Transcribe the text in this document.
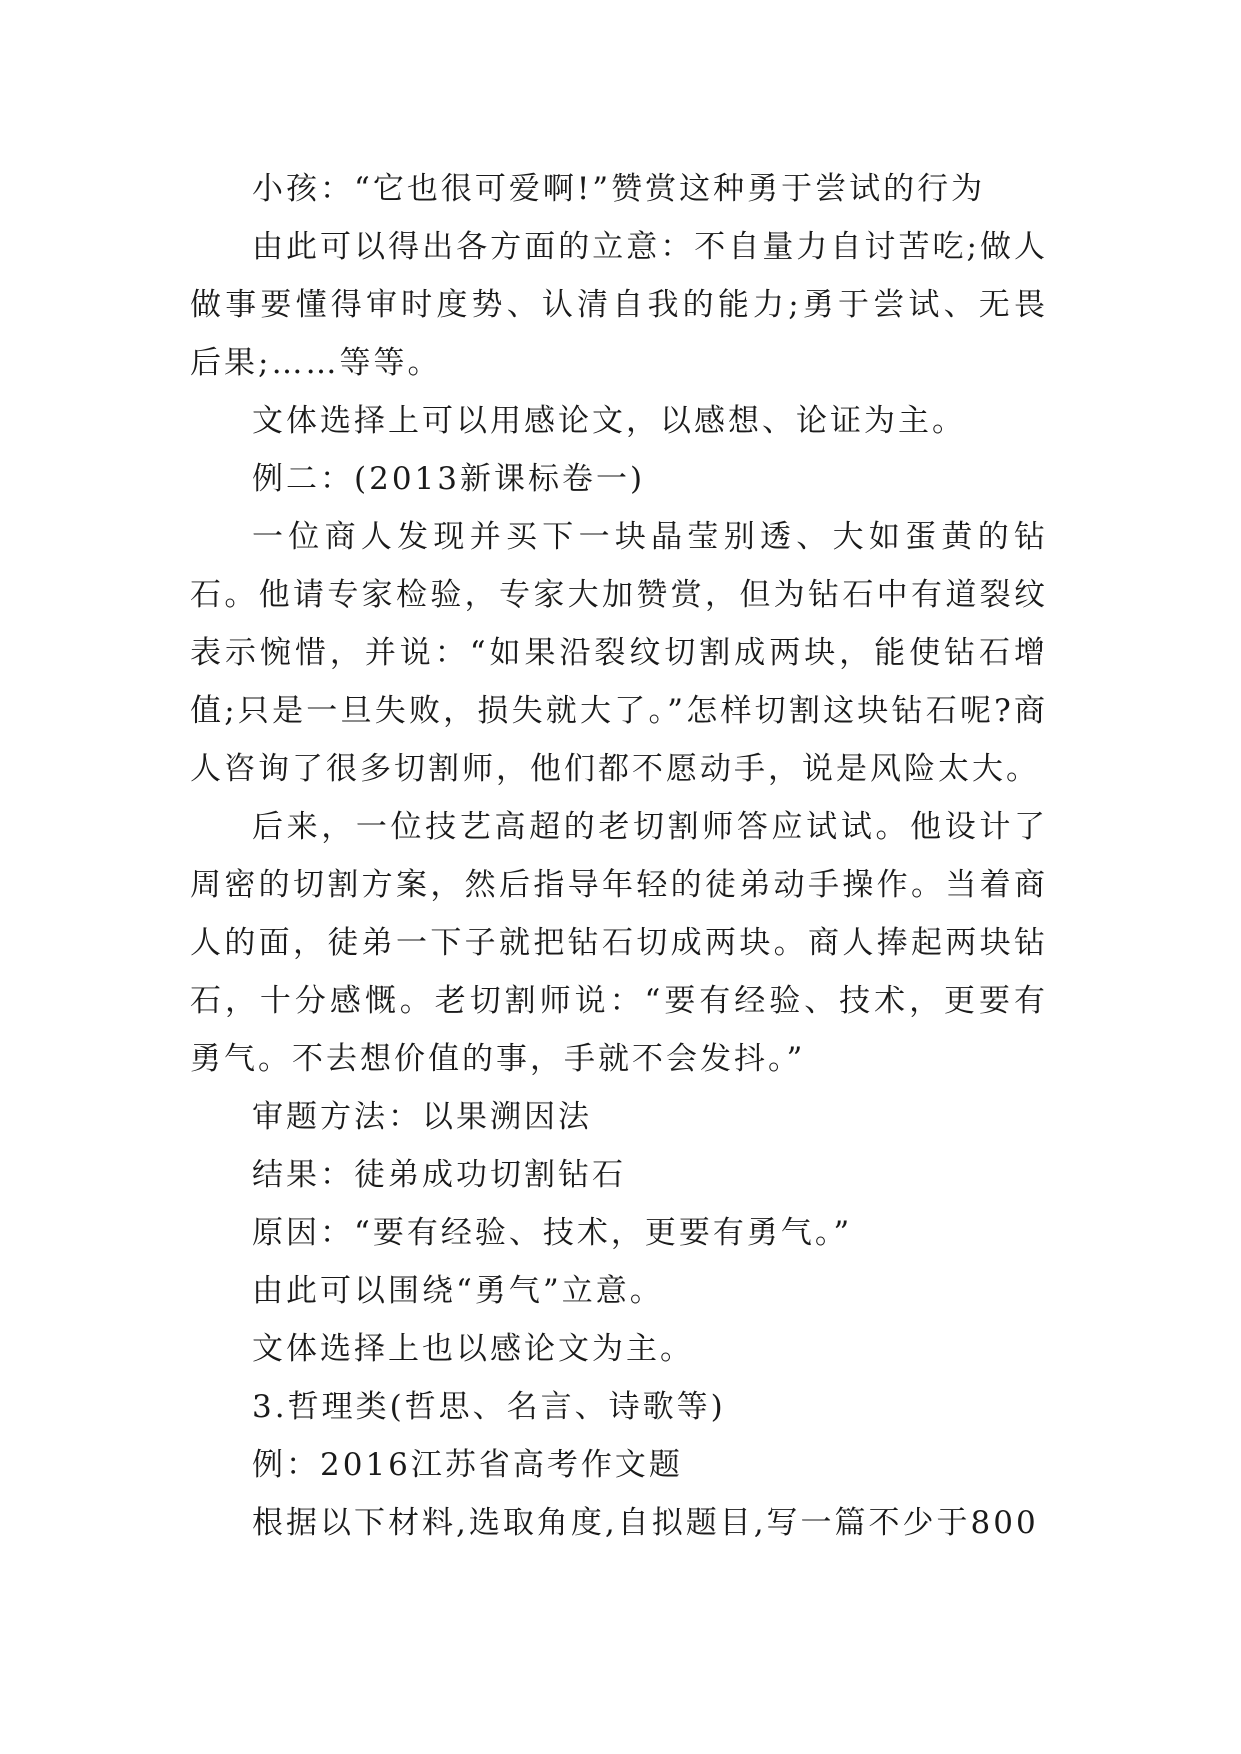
小孩：“它也很可爱啊!”赞赏这种勇于尝试的行为

由此可以得出各方面的立意：不自量力自讨苦吃;做人做事要懂得审时度势、认清自我的能力;勇于尝试、无畏后果;……等等。

文体选择上可以用感论文，以感想、论证为主。

例二：(2013新课标卷一)

一位商人发现并买下一块晶莹别透、大如蛋黄的钻石。他请专家检验，专家大加赞赏，但为钻石中有道裂纹表示惋惜，并说：“如果沿裂纹切割成两块，能使钻石增值;只是一旦失败，损失就大了。”怎样切割这块钻石呢?商人咨询了很多切割师，他们都不愿动手，说是风险太大。

后来，一位技艺高超的老切割师答应试试。他设计了周密的切割方案，然后指导年轻的徒弟动手操作。当着商人的面，徒弟一下子就把钻石切成两块。商人捧起两块钻石，十分感慨。老切割师说：“要有经验、技术，更要有勇气。不去想价值的事，手就不会发抖。”

审题方法：以果溯因法

结果：徒弟成功切割钻石

原因：“要有经验、技术，更要有勇气。”

由此可以围绕“勇气”立意。

文体选择上也以感论文为主。

3.哲理类(哲思、名言、诗歌等)

例：2016江苏省高考作文题

根据以下材料,选取角度,自拟题目,写一篇不少于800
